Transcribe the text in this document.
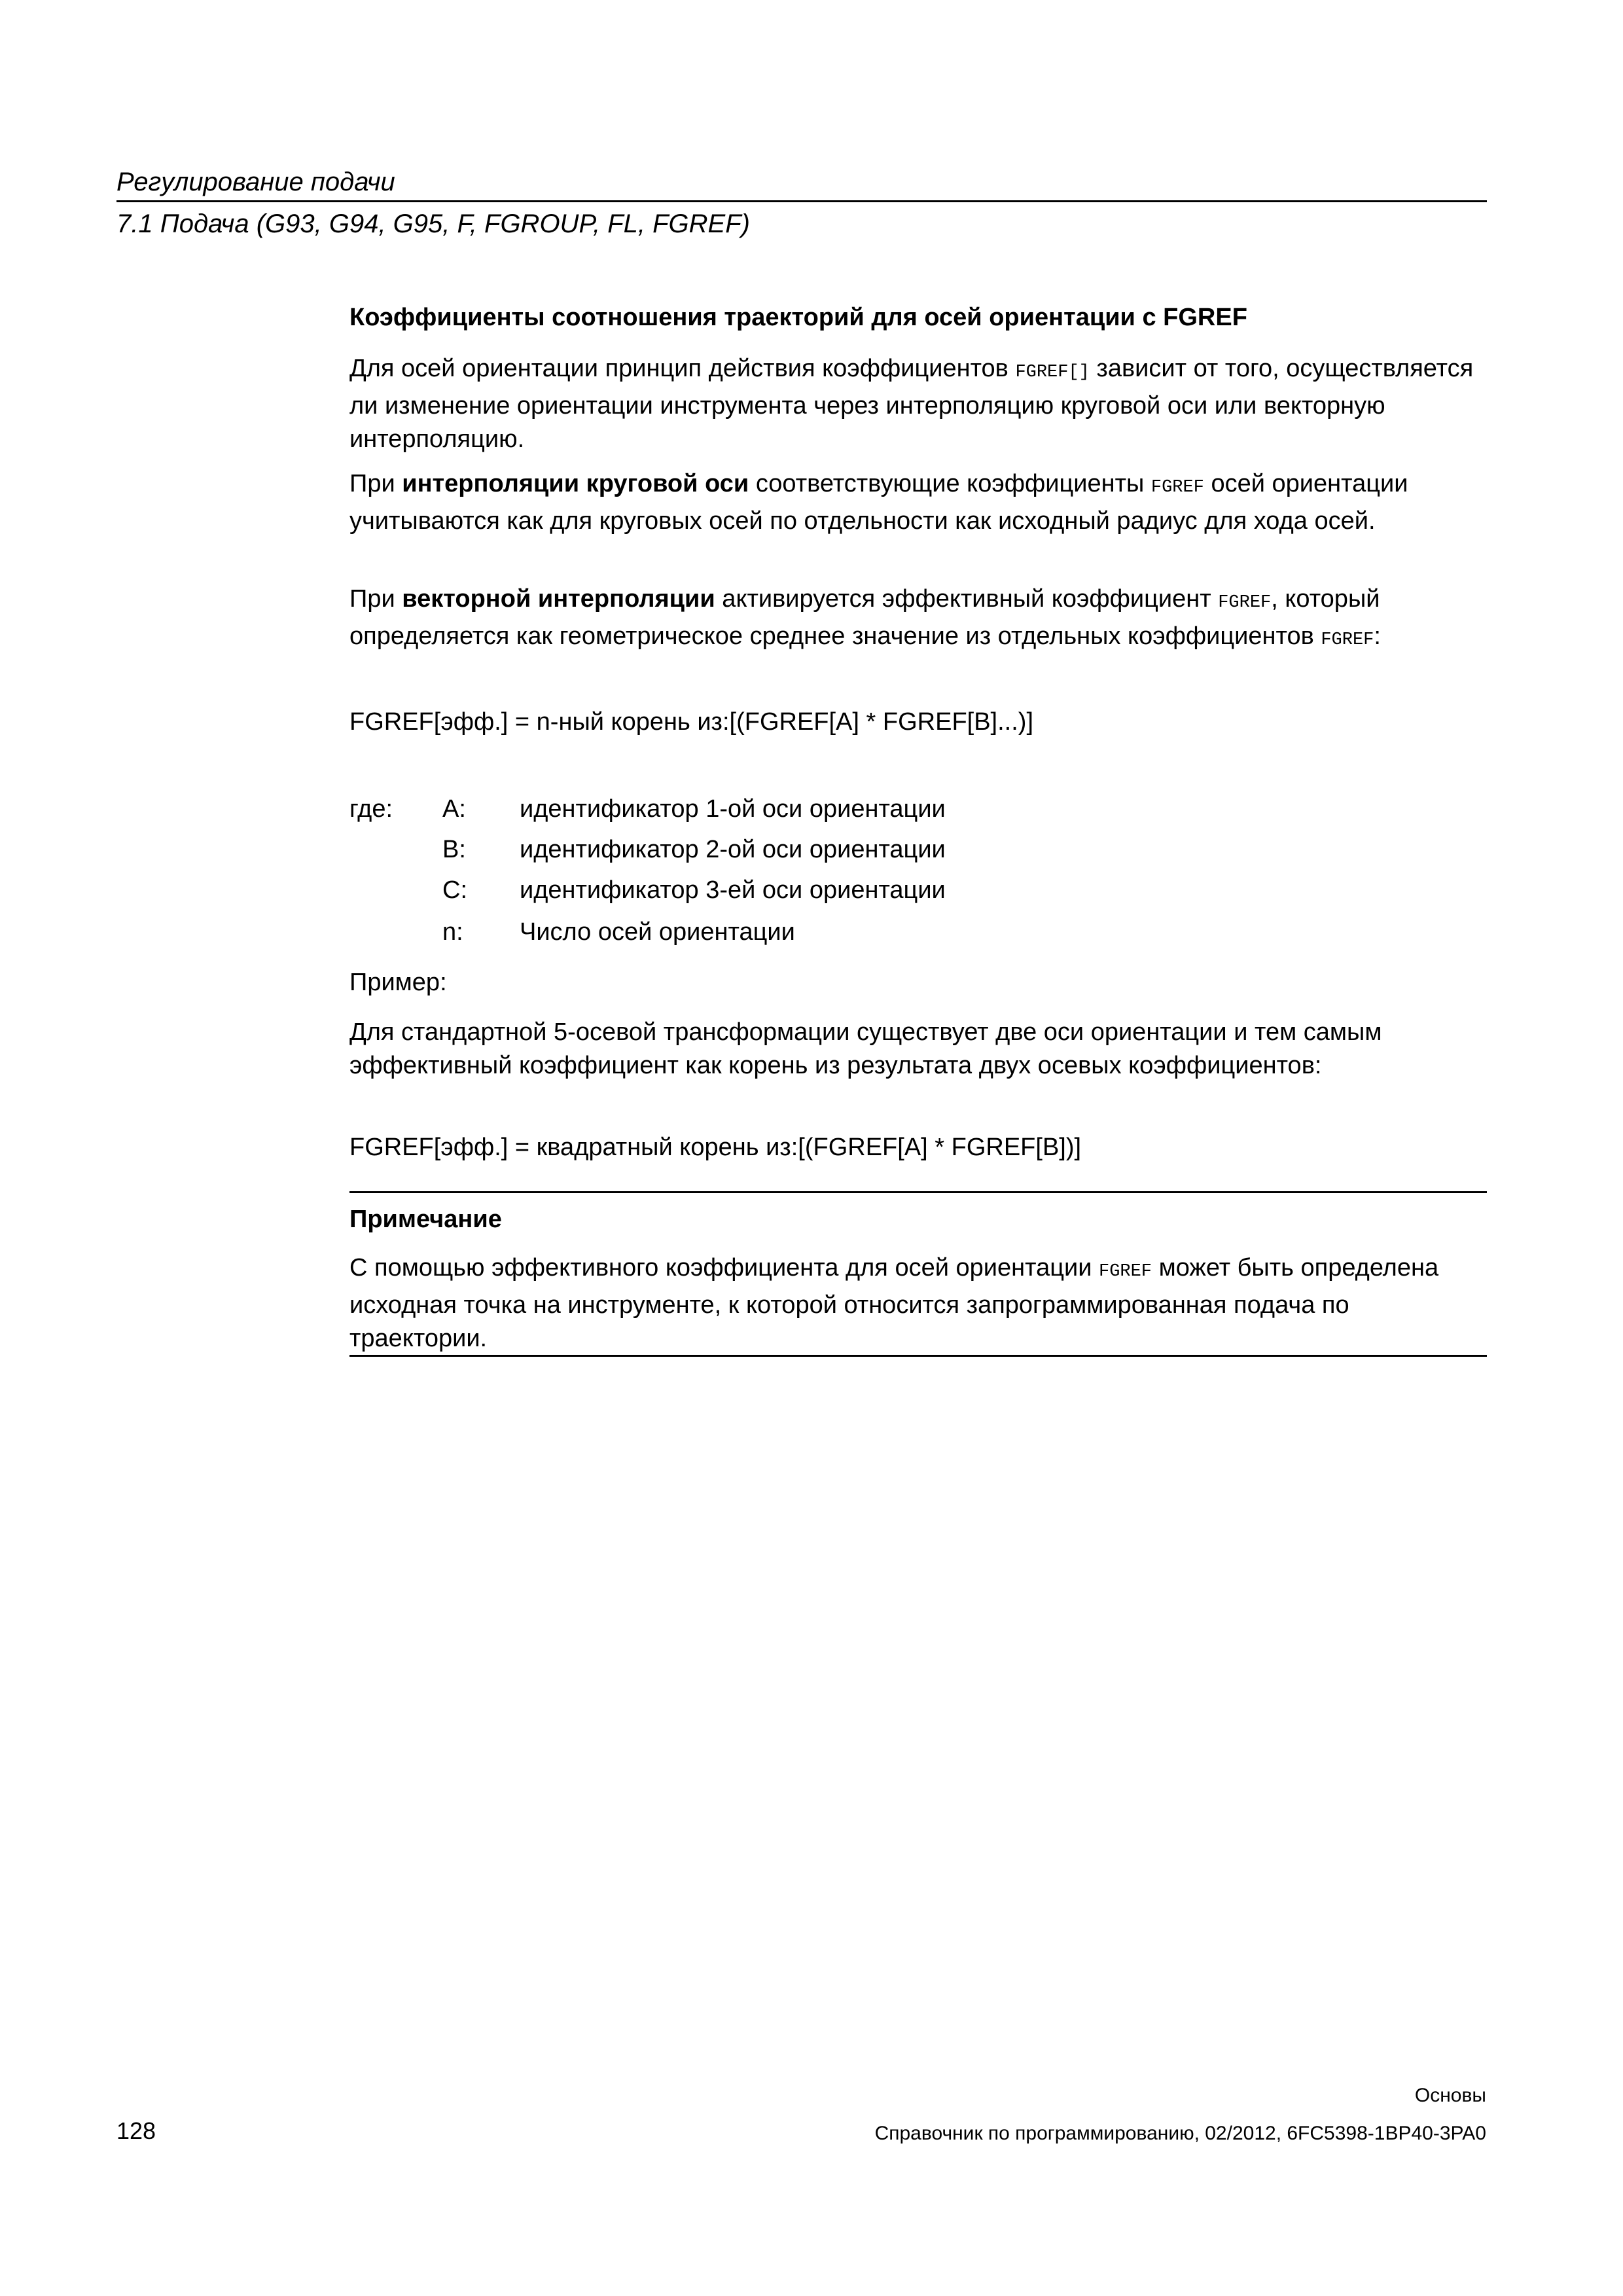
Регулирование подачи
7.1 Подача (G93, G94, G95, F, FGROUP, FL, FGREF)
Коэффициенты соотношения траекторий для осей ориентации с FGREF
Для осей ориентации принцип действия коэффициентов FGREF[] зависит от того, осуществляется ли изменение ориентации инструмента через интерполяцию круговой оси или векторную интерполяцию.
При интерполяции круговой оси соответствующие коэффициенты FGREF осей ориентации учитываются как для круговых осей по отдельности как исходный радиус для хода осей.
При векторной интерполяции активируется эффективный коэффициент FGREF, который определяется как геометрическое среднее значение из отдельных коэффициентов FGREF:
FGREF[эфф.] = n-ный корень из:[(FGREF[A] * FGREF[B]...)]
где: A: идентификатор 1-ой оси ориентации
B: идентификатор 2-ой оси ориентации
C: идентификатор 3-ей оси ориентации
n: Число осей ориентации
Пример:
Для стандартной 5-осевой трансформации существует две оси ориентации и тем самым эффективный коэффициент как корень из результата двух осевых коэффициентов:
FGREF[эфф.] = квадратный корень из:[(FGREF[A] * FGREF[B])]
Примечание
С помощью эффективного коэффициента для осей ориентации FGREF может быть определена исходная точка на инструменте, к которой относится запрограммированная подача по траектории.
Основы
128	Справочник по программированию, 02/2012, 6FC5398-1BP40-3PA0
